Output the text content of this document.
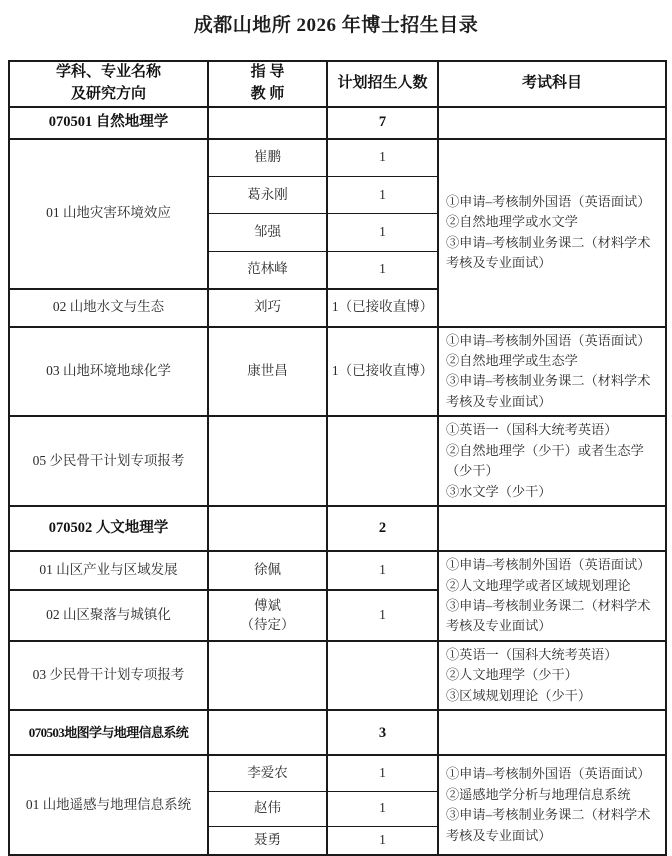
成都山地所 2026 年博士招生目录
学科、专业名称
及研究方向

指 导
教 师
	计划招生人数	考试科目
070501 自然地理学		7	
01 山地灾害环境效应	崔鹏	1	①申请–考核制外国语（英语面试）
②自然地理学或水文学
③申请–考核制业务课二（材料学术考核及专业面试）

	葛永刚	1	
	邹强	1	
	范林峰	1	
02 山地水文与生态	刘巧	1（已接收直博）	
03 山地环境地球化学	康世昌	1（已接收直博）	①申请–考核制外国语（英语面试）
②自然地理学或生态学
③申请–考核制业务课二（材料学术考核及专业面试）

05 少民骨干计划专项报考			①英语一（国科大统考英语）
②自然地理学（少干）或者生态学（少干）
③水文学（少干）

070502 人文地理学		2	
01 山区产业与区域发展	徐佩	1	①申请–考核制外国语（英语面试）
②人文地理学或者区域规划理论
③申请–考核制业务课二（材料学术考核及专业面试）

02 山区聚落与城镇化	傅斌
（待定）	1	
03 少民骨干计划专项报考			①英语一（国科大统考英语）
②人文地理学（少干）
③区域规划理论（少干）

070503地图学与地理信息系统		3	
01 山地遥感与地理信息系统	李爱农	1	①申请–考核制外国语（英语面试）
②遥感地学分析与地理信息系统
③申请–考核制业务课二（材料学术考核及专业面试）

	赵伟	1	
	聂勇	1	
